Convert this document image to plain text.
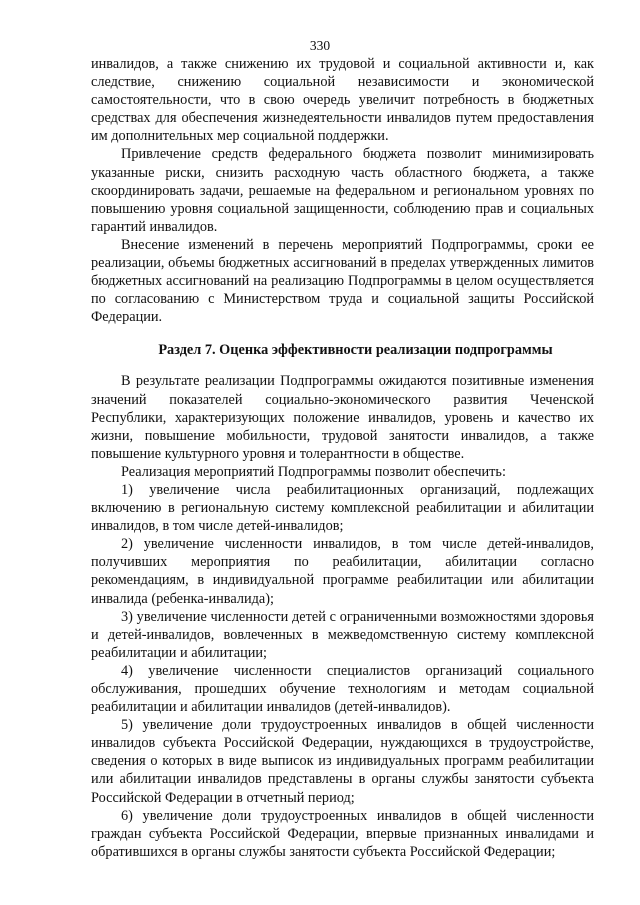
330

инвалидов, а также снижению их трудовой и социальной активности и, как следствие, снижению социальной независимости и экономической самостоятельности, что в свою очередь увеличит потребность в бюджетных средствах для обеспечения жизнедеятельности инвалидов путем предоставления им дополнительных мер социальной поддержки.

Привлечение средств федерального бюджета позволит минимизировать указанные риски, снизить расходную часть областного бюджета, а также скоординировать задачи, решаемые на федеральном и региональном уровнях по повышению уровня социальной защищенности, соблюдению прав и социальных гарантий инвалидов.

Внесение изменений в перечень мероприятий Подпрограммы, сроки ее реализации, объемы бюджетных ассигнований в пределах утвержденных лимитов бюджетных ассигнований на реализацию Подпрограммы в целом осуществляется по согласованию с Министерством труда и социальной защиты Российской Федерации.

Раздел 7. Оценка эффективности реализации подпрограммы

В результате реализации Подпрограммы ожидаются позитивные изменения значений показателей социально-экономического развития Чеченской Республики, характеризующих положение инвалидов, уровень и качество их жизни, повышение мобильности, трудовой занятости инвалидов, а также повышение культурного уровня и толерантности в обществе.

Реализация мероприятий Подпрограммы позволит обеспечить:

1) увеличение числа реабилитационных организаций, подлежащих включению в региональную систему комплексной реабилитации и абилитации инвалидов, в том числе детей-инвалидов;

2) увеличение численности инвалидов, в том числе детей-инвалидов, получивших мероприятия по реабилитации, абилитации согласно рекомендациям, в индивидуальной программе реабилитации или абилитации инвалида (ребенка-инвалида);

3) увеличение численности детей с ограниченными возможностями здоровья и детей-инвалидов, вовлеченных в межведомственную систему комплексной реабилитации и абилитации;

4) увеличение численности специалистов организаций социального обслуживания, прошедших обучение технологиям и методам социальной реабилитации и абилитации инвалидов (детей-инвалидов).

5) увеличение доли трудоустроенных инвалидов в общей численности инвалидов субъекта Российской Федерации, нуждающихся в трудоустройстве, сведения о которых в виде выписок из индивидуальных программ реабилитации или абилитации инвалидов представлены в органы службы занятости субъекта Российской Федерации в отчетный период;

6) увеличение доли трудоустроенных инвалидов в общей численности граждан субъекта Российской Федерации, впервые признанных инвалидами и обратившихся в органы службы занятости субъекта Российской Федерации;
